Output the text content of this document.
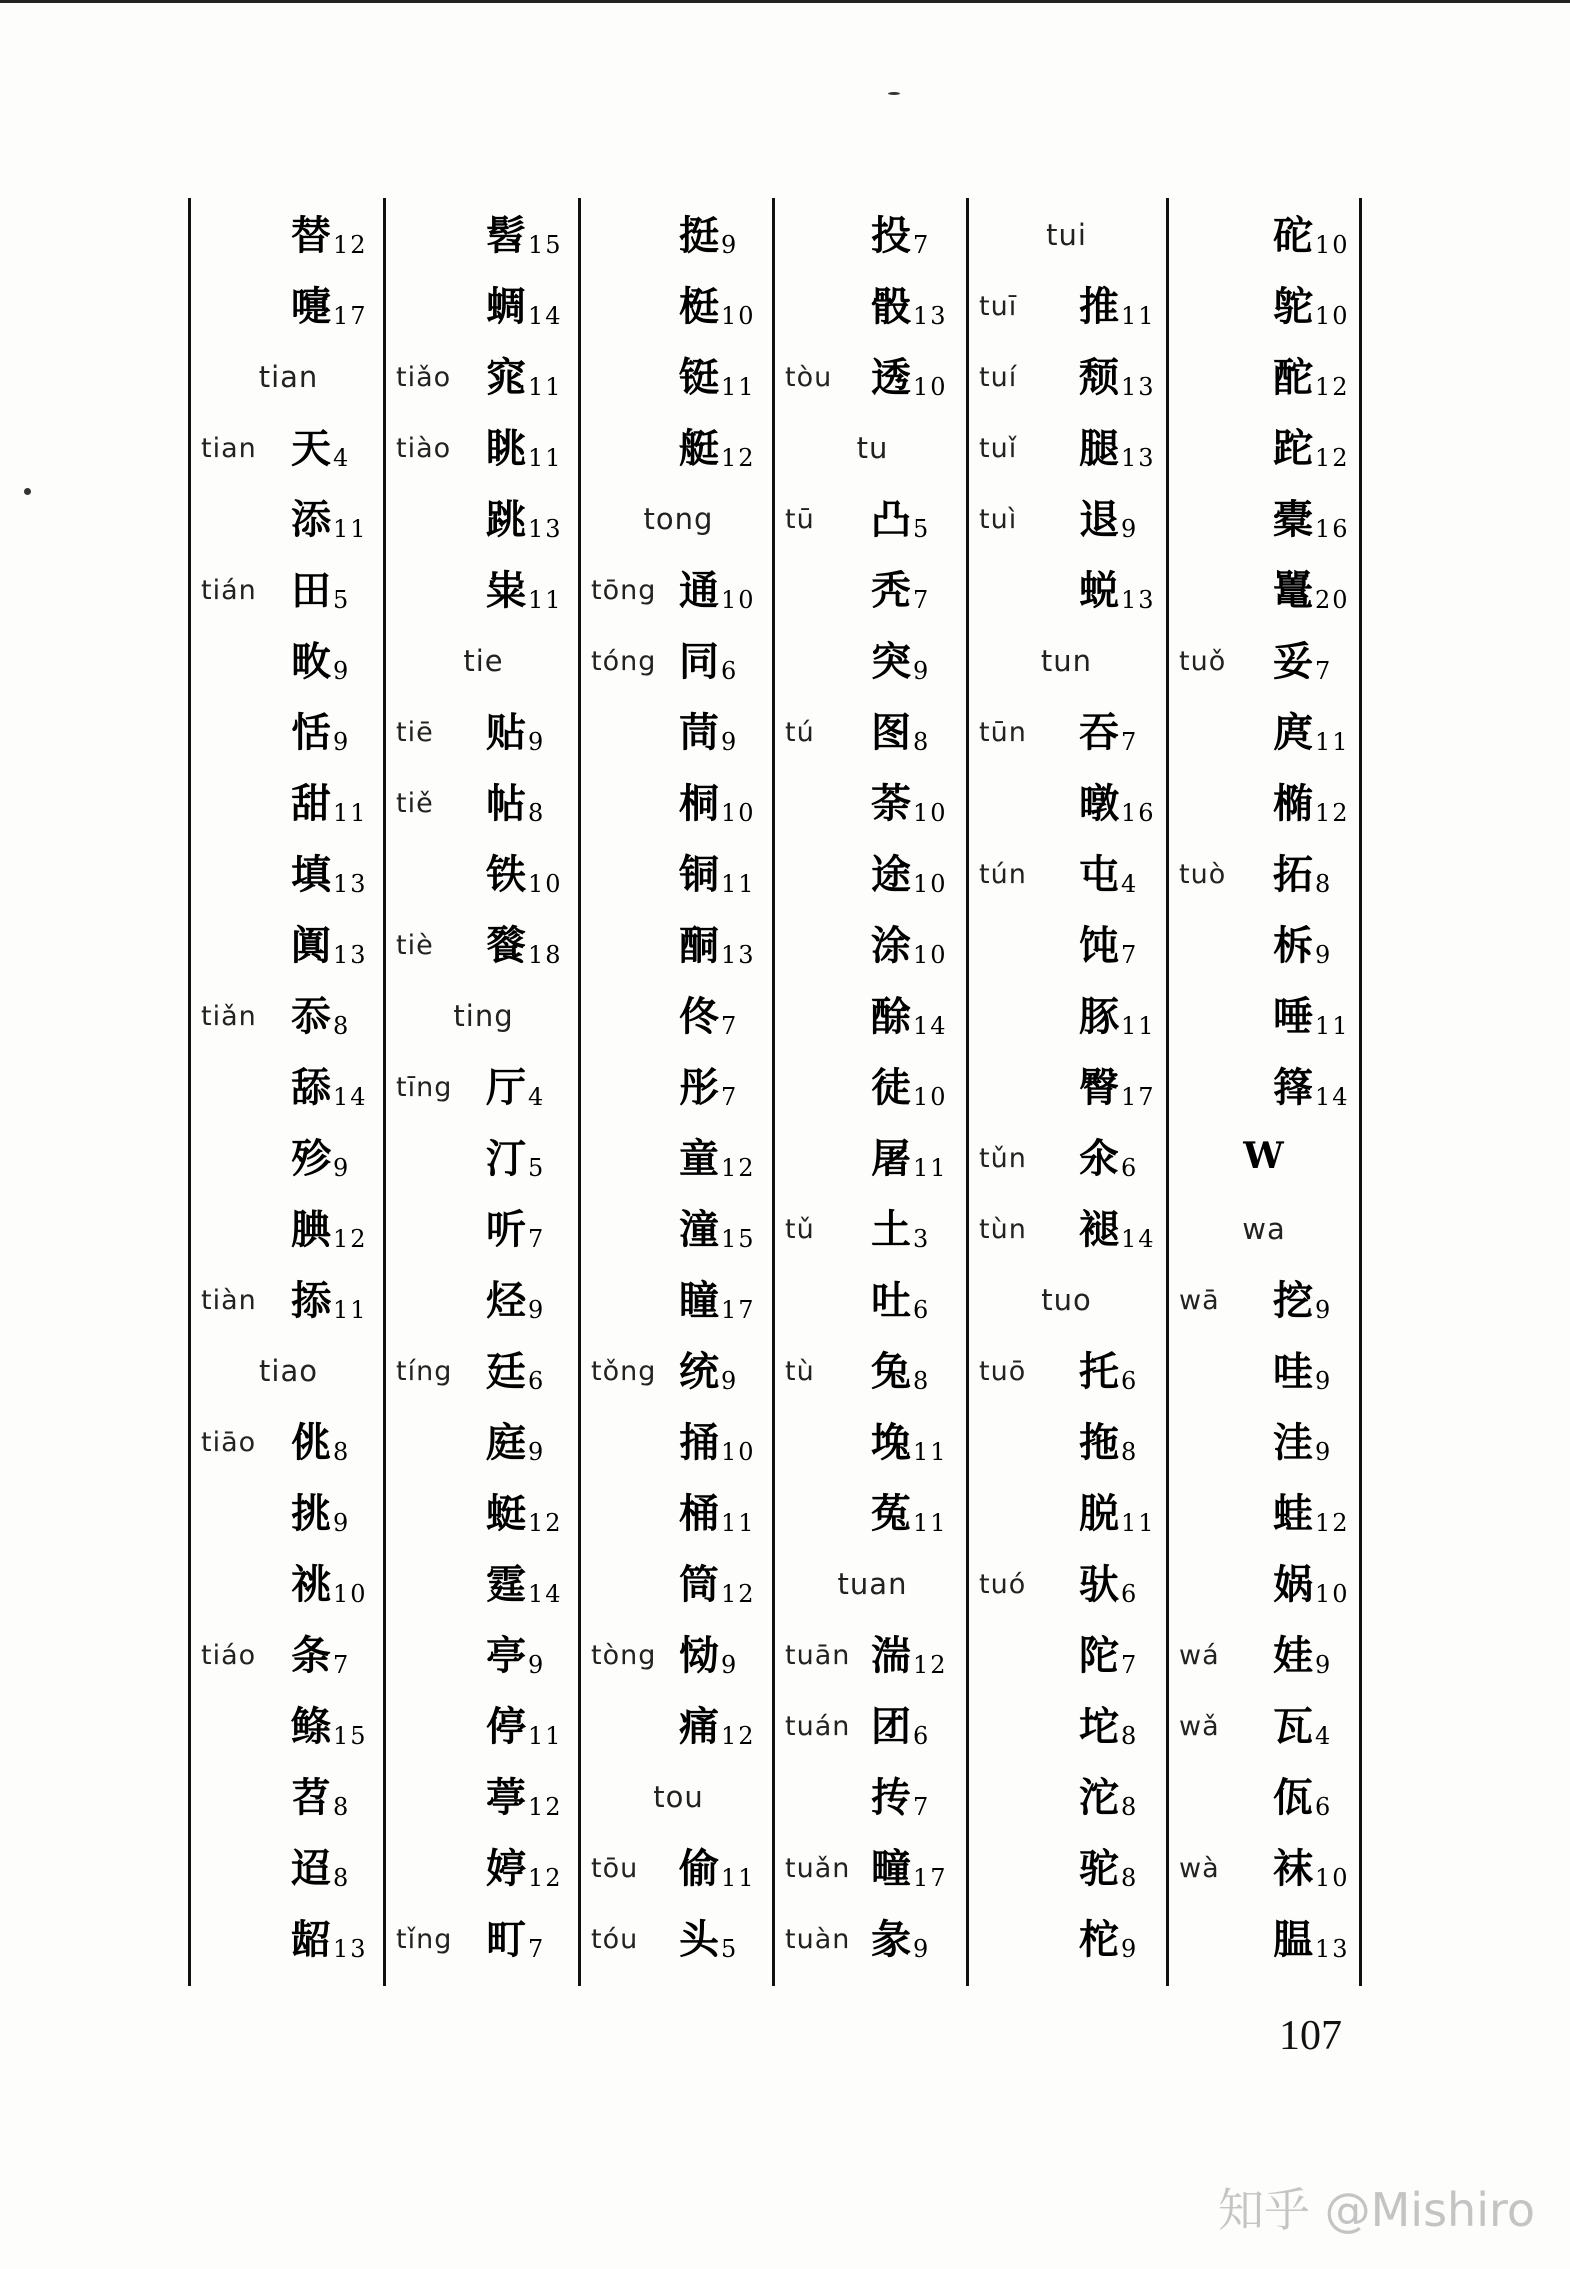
替12
嚏17
tian
tian 天4
添11
tián 田5
畋9
恬9
甜11
填13
阗13
tiǎn 忝8
舔14
殄9
腆12
tiàn 掭11
tiao
tiāo 佻8
挑9
祧10
tiáo 条7
鲦15
苕8
迢8
龆13
髫15
蜩14
tiǎo 窕11
tiào 眺11
跳13
粜11
tie
tiē 贴9
tiě 帖8
铁10
tiè 餮18
ting
tīng 厅4
汀5
听7
烃9
tíng 廷6
庭9
蜓12
霆14
亭9
停11
葶12
婷12
tǐng 町7
挺9
梃10
铤11
艇12
tong
tōng 通10
tóng 同6
茼9
桐10
铜11
酮13
佟7
彤7
童12
潼15
瞳17
tǒng 统9
捅10
桶11
筒12
tòng 恸9
痛12
tou
tōu 偷11
tóu 头5
投7
骰13
tòu 透10
tu
tū 凸5
秃7
突9
tú 图8
荼10
途10
涂10
酴14
徒10
屠11
tǔ 土3
吐6
tù 兔8
堍11
菟11
tuan
tuān 湍12
tuán 团6
抟7
tuǎn 疃17
tuàn 彖9
tui
tuī 推11
tuí 颓13
tuǐ 腿13
tuì 退9
蜕13
tun
tūn 吞7
暾16
tún 屯4
饨7
豚11
臀17
tǔn 氽6
tùn 褪14
tuo
tuō 托6
拖8
脱11
tuó 驮6
陀7
坨8
沱8
驼8
柁9
砣10
鸵10
酡12
跎12
橐16
鼍20
tuǒ 妥7
庹11
椭12
tuò 拓8
柝9
唾11
箨14
W
wa
wā 挖9
哇9
洼9
蛙12
娲10
wá 娃9
wǎ 瓦4
佤6
wà 袜10
腽13
107
知乎 @Mishiro
